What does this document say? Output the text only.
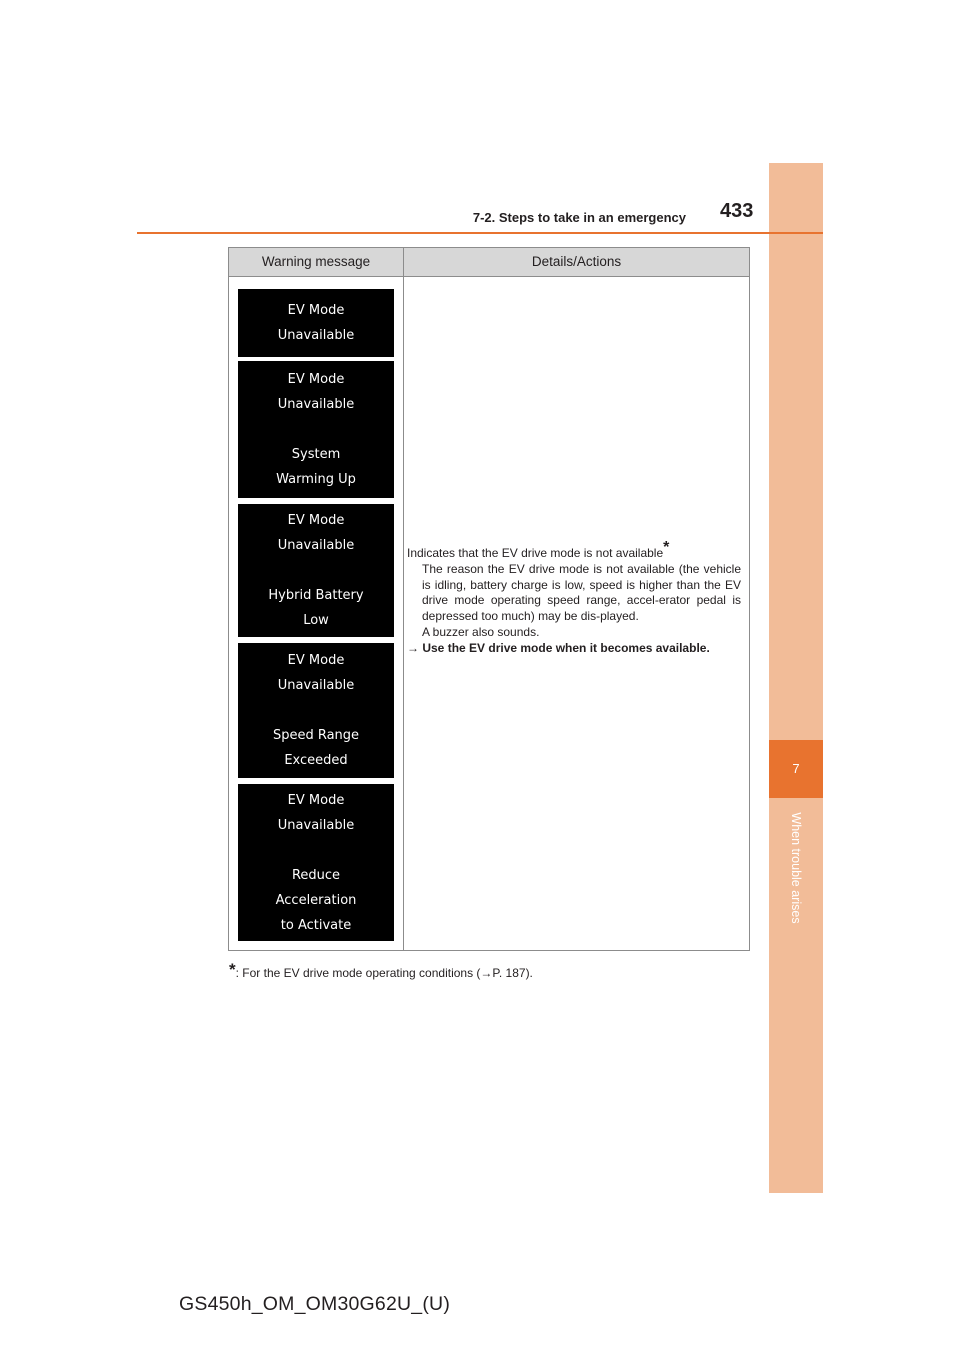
7
When trouble arises
7-2. Steps to take in an emergency 433
Warning message	Details/Actions
EV Mode
Unavailable
EV Mode
Unavailable
System
Warming Up
EV Mode
Unavailable
Hybrid Battery
Low
EV Mode
Unavailable
Speed Range
Exceeded
EV Mode
Unavailable
Reduce
Acceleration
to Activate
Indicates that the EV drive mode is not available*
The reason the EV drive mode is not available (the vehicle is idling, battery charge is low, speed is higher than the EV drive mode operating speed range, accel-erator pedal is depressed too much) may be dis-played.
A buzzer also sounds.
→ Use the EV drive mode when it becomes available.
*: For the EV drive mode operating conditions (→P. 187).
GS450h_OM_OM30G62U_(U)
